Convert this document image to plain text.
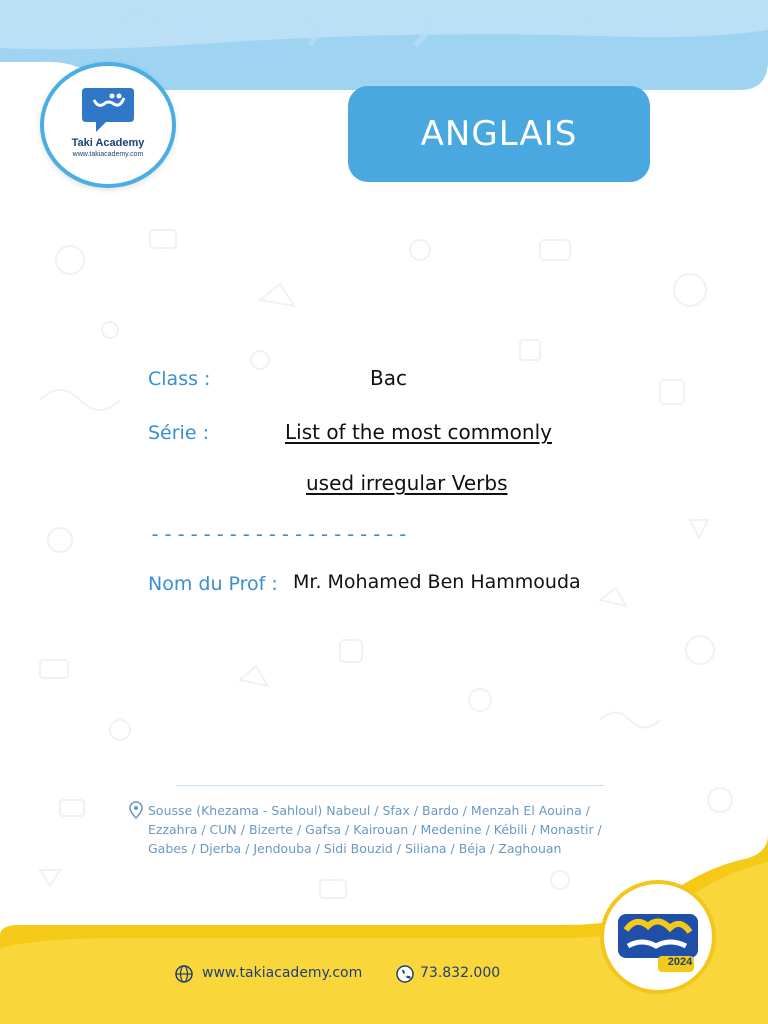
Taki Academy
www.takiacademy.com
ANGLAIS
Class :	Bac
Série :	List of the most commonly
used irregular Verbs
--------------------
Nom du Prof : Mr. Mohamed Ben Hammouda
Sousse (Khezama - Sahloul) Nabeul / Sfax / Bardo / Menzah El Aouina /
Ezzahra / CUN / Bizerte / Gafsa / Kairouan / Medenine / Kébili / Monastir /
Gabes / Djerba / Jendouba / Sidi Bouzid / Siliana / Béja / Zaghouan
www.takiacademy.com	73.832.000
2024
